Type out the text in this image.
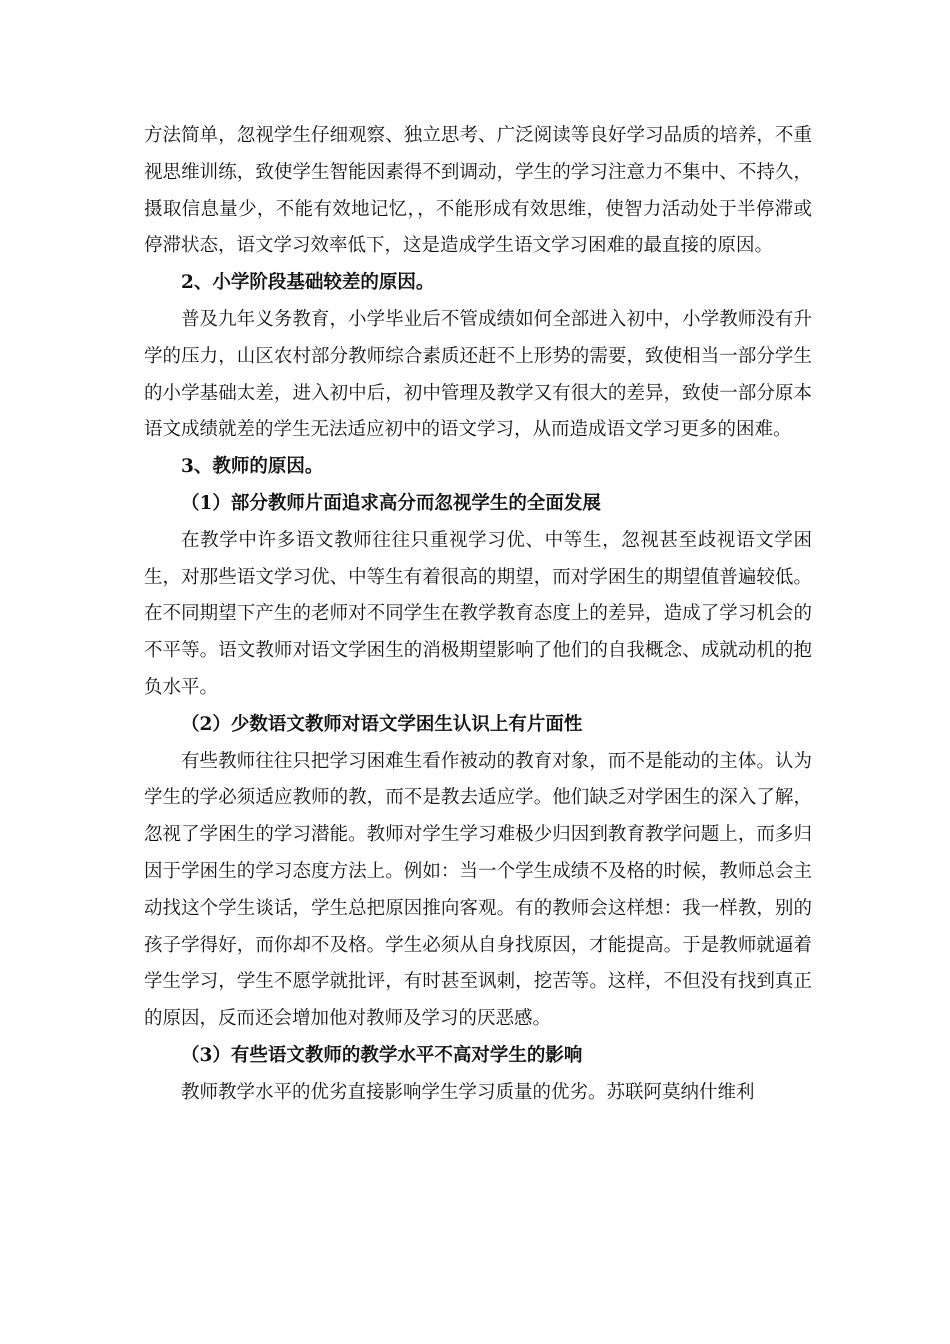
方法简单，忽视学生仔细观察、独立思考、广泛阅读等良好学习品质的培养，不重视思维训练，致使学生智能因素得不到调动，学生的学习注意力不集中、不持久，摄取信息量少，不能有效地记忆，，不能形成有效思维，使智力活动处于半停滞或停滞状态，语文学习效率低下，这是造成学生语文学习困难的最直接的原因。

2、小学阶段基础较差的原因。

普及九年义务教育，小学毕业后不管成绩如何全部进入初中，小学教师没有升学的压力，山区农村部分教师综合素质还赶不上形势的需要，致使相当一部分学生的小学基础太差，进入初中后，初中管理及教学又有很大的差异，致使一部分原本语文成绩就差的学生无法适应初中的语文学习，从而造成语文学习更多的困难。

3、教师的原因。

（1）部分教师片面追求高分而忽视学生的全面发展

在教学中许多语文教师往往只重视学习优、中等生，忽视甚至歧视语文学困生，对那些语文学习优、中等生有着很高的期望，而对学困生的期望值普遍较低。在不同期望下产生的老师对不同学生在教学教育态度上的差异，造成了学习机会的不平等。语文教师对语文学困生的消极期望影响了他们的自我概念、成就动机的抱负水平。

（2）少数语文教师对语文学困生认识上有片面性

有些教师往往只把学习困难生看作被动的教育对象，而不是能动的主体。认为学生的学必须适应教师的教，而不是教去适应学。他们缺乏对学困生的深入了解，忽视了学困生的学习潜能。教师对学生学习难极少归因到教育教学问题上，而多归因于学困生的学习态度方法上。例如：当一个学生成绩不及格的时候，教师总会主动找这个学生谈话，学生总把原因推向客观。有的教师会这样想：我一样教，别的孩子学得好，而你却不及格。学生必须从自身找原因，才能提高。于是教师就逼着学生学习，学生不愿学就批评，有时甚至讽刺，挖苦等。这样，不但没有找到真正的原因，反而还会增加他对教师及学习的厌恶感。

（3）有些语文教师的教学水平不高对学生的影响

教师教学水平的优劣直接影响学生学习质量的优劣。苏联阿莫纳什维利
